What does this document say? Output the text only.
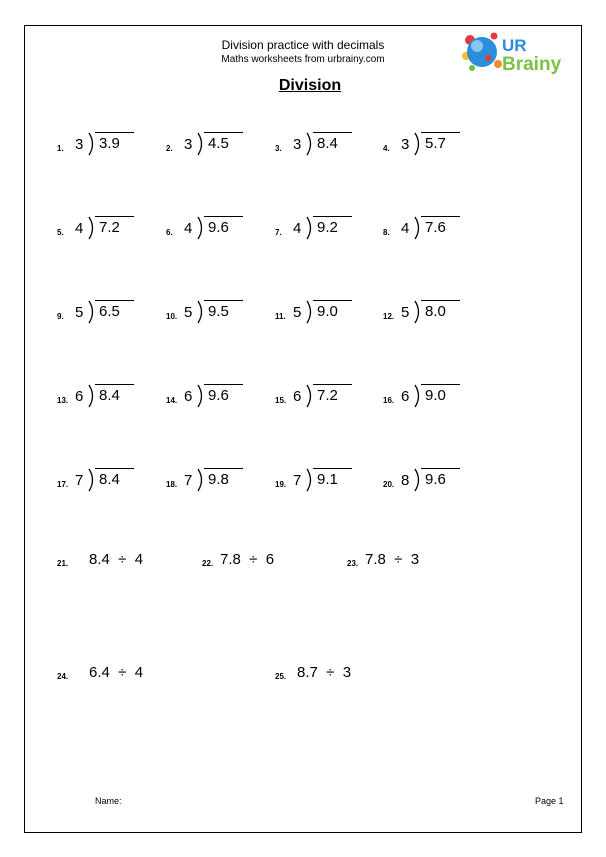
Division practice with decimals
Maths worksheets from urbrainy.com
UR
Brainy
Division
1. 3 3.9	2. 3 4.5	3. 3 8.4	4. 3 5.7
5. 4 7.2	6. 4 9.6	7. 4 9.2	8. 4 7.6
9. 5 6.5	10. 5 9.5	11. 5 9.0	12. 5 8.0
13. 6 8.4	14. 6 9.6	15. 6 7.2	16. 6 9.0
17. 7 8.4	18. 7 9.8	19. 7 9.1	20. 8 9.6
21. 8.4  ÷  4	22. 7.8  ÷  6	23. 7.8  ÷  3
24. 6.4  ÷  4	25. 8.7  ÷  3
Name:	Page 1
